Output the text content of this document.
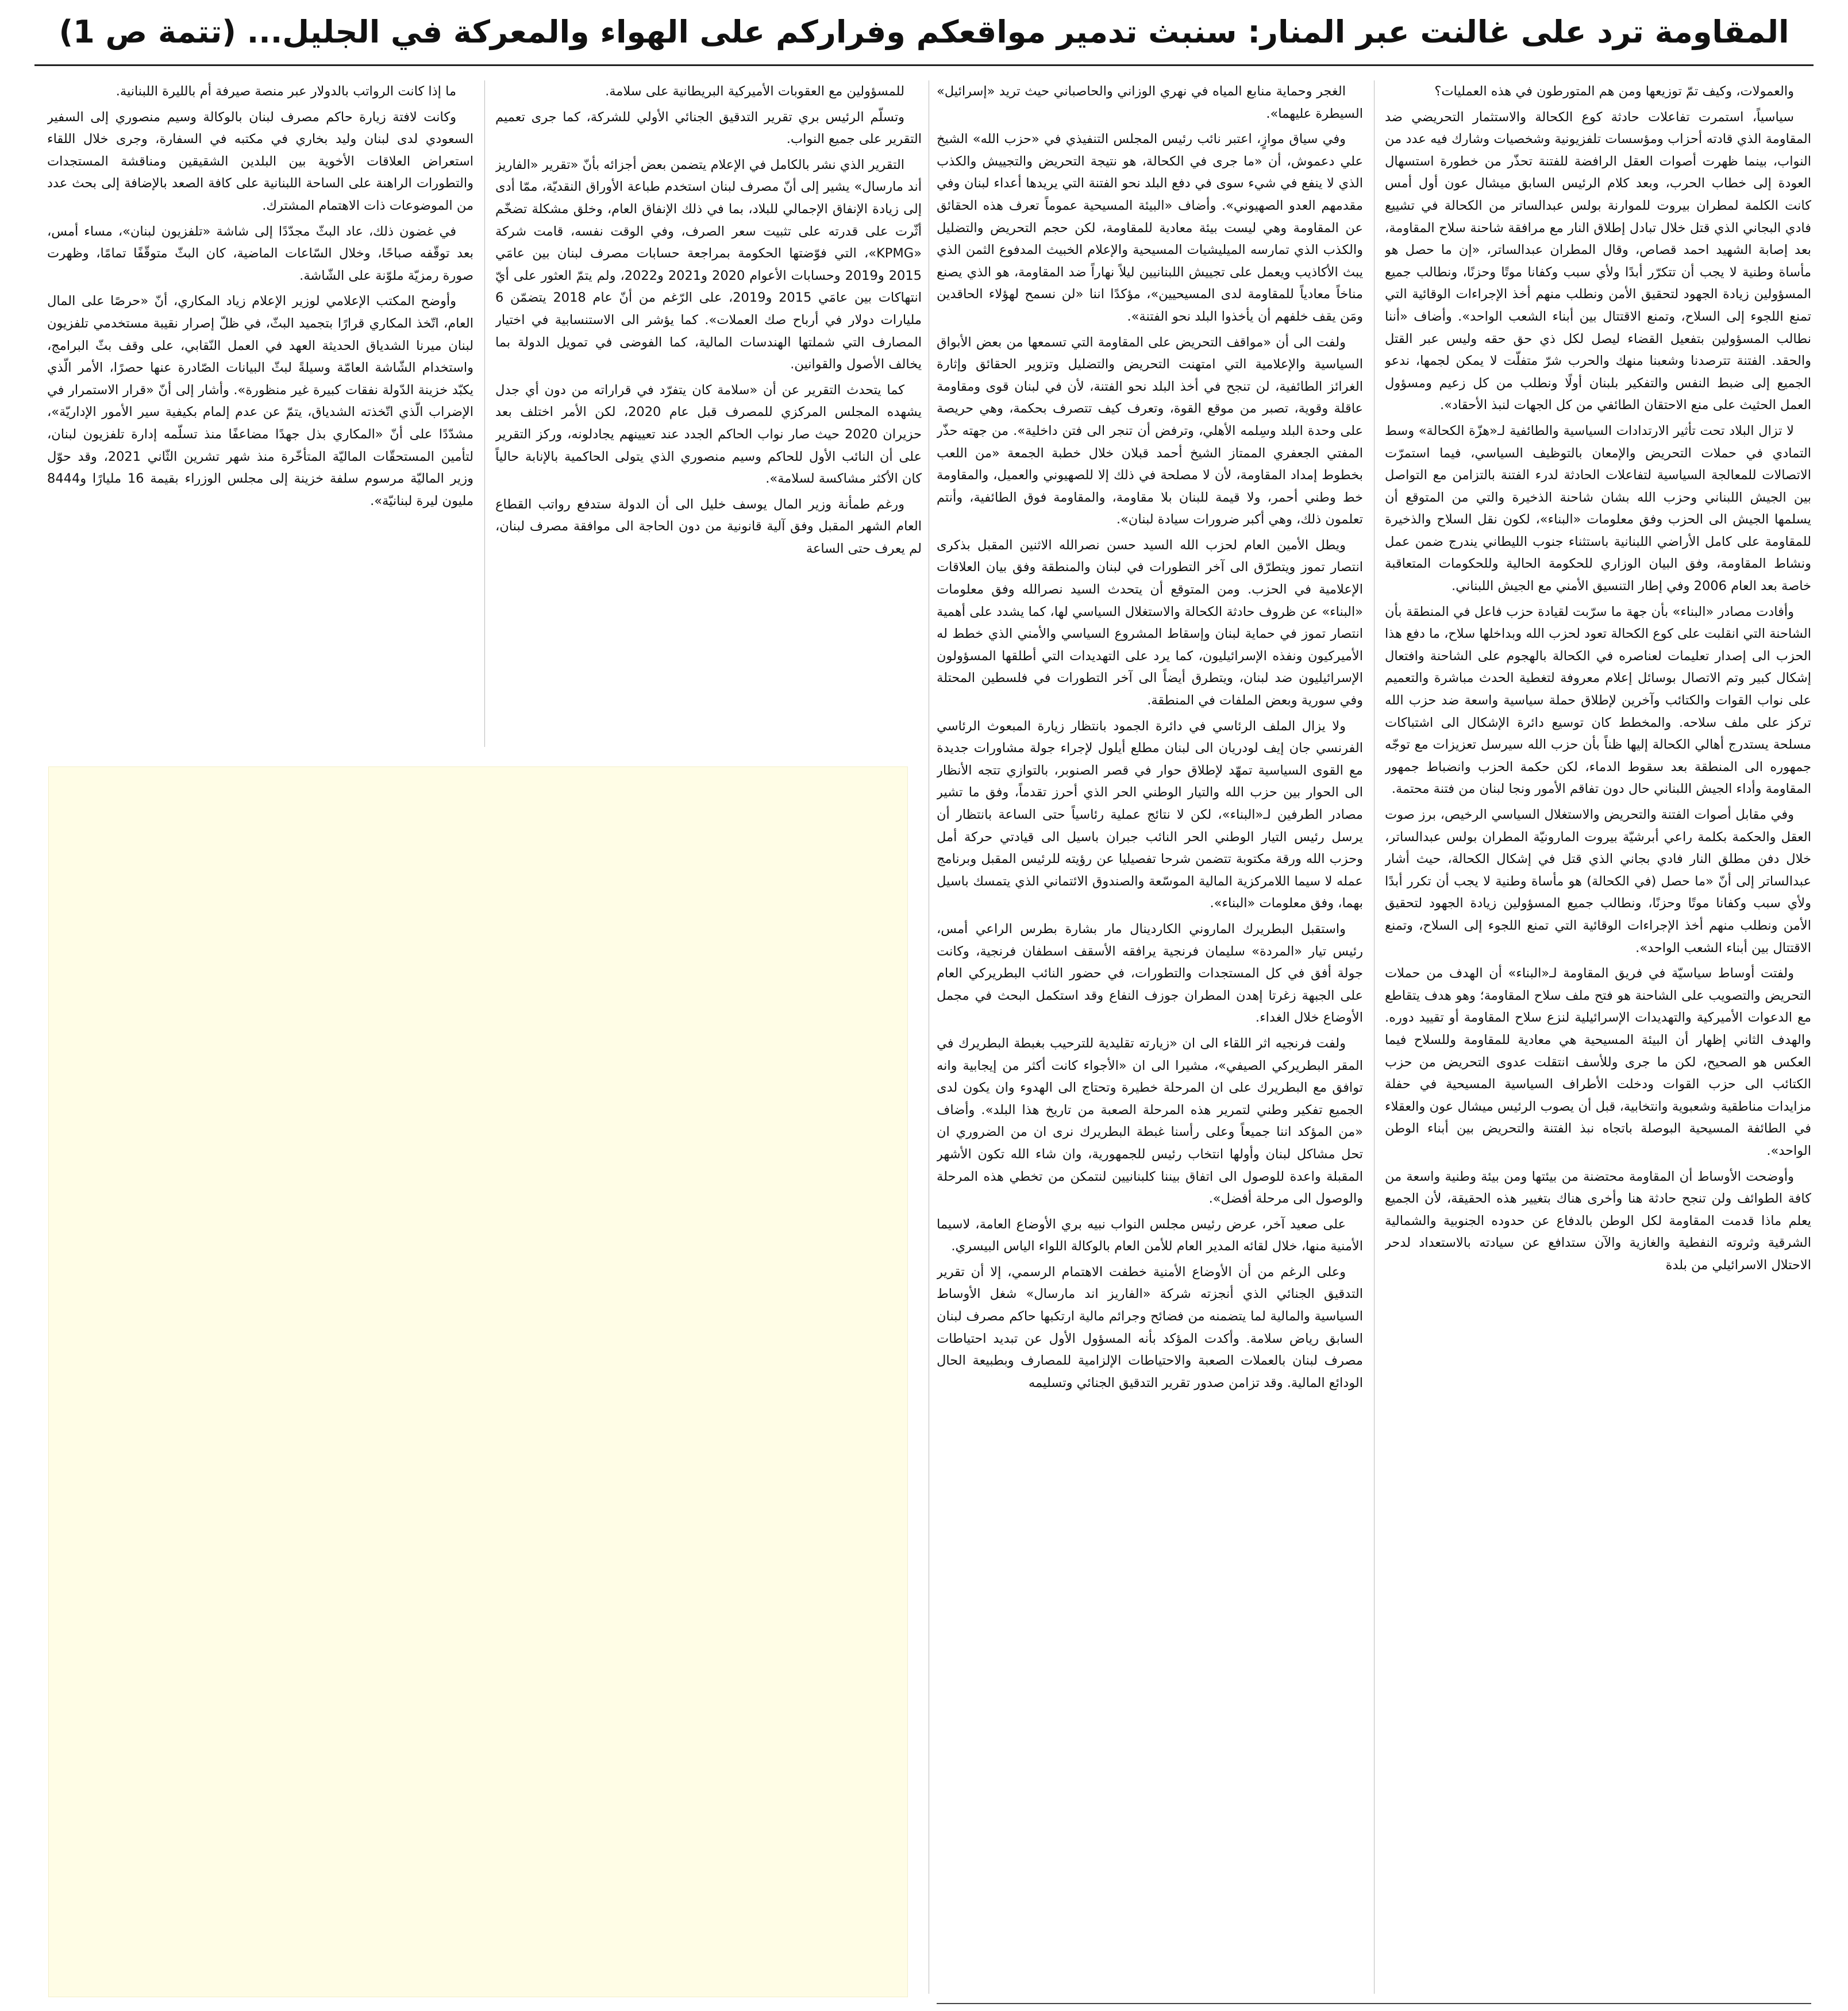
المقاومة ترد على غالنت عبر المنار: سنبث تدمير مواقعكم وفراركم على الهواء والمعركة في الجليل... (تتمة ص 1)

والعمولات، وكيف تمّ توزيعها ومن هم المتورطون في هذه العمليات؟

سياسياً، استمرت تفاعلات حادثة كوع الكحالة والاستثمار التحريضي ضد المقاومة الذي قادته أحزاب ومؤسسات تلفزيونية وشخصيات وشارك فيه عدد من النواب، بينما ظهرت أصوات العقل الرافضة للفتنة تحذّر من خطورة استسهال العودة إلى خطاب الحرب، وبعد كلام الرئيس السابق ميشال عون أول أمس كانت الكلمة لمطران بيروت للموارنة بولس عبدالساتر من الكحالة في تشييع فادي البجاني الذي قتل خلال تبادل إطلاق النار مع مرافقة شاحنة سلاح المقاومة، بعد إصابة الشهيد احمد قصاص، وقال المطران عبدالساتر، «إن ما حصل هو مأساة وطنية لا يجب أن تتكرّر أبدًا ولأي سبب وكفانا موتًا وحزنًا، ونطالب جميع المسؤولين زيادة الجهود لتحقيق الأمن ونطلب منهم أخذ الإجراءات الوقائية التي تمنع اللجوء إلى السلاح، وتمنع الاقتتال بين أبناء الشعب الواحد». وأضاف «أننا نطالب المسؤولين بتفعيل القضاء ليصل لكل ذي حق حقه وليس عبر القتل والحقد. الفتنة تترصدنا وشعبنا منهك والحرب شرّ متفلّت لا يمكن لجمها، ندعو الجميع إلى ضبط النفس والتفكير بلبنان أولًا ونطلب من كل زعيم ومسؤول العمل الحثيث على منع الاحتقان الطائفي من كل الجهات لنبذ الأحقاد».

لا تزال البلاد تحت تأثير الارتدادات السياسية والطائفية لـ«هزّة الكحالة» وسط التمادي في حملات التحريض والإمعان بالتوظيف السياسي، فيما استمرّت الاتصالات للمعالجة السياسية لتفاعلات الحادثة لدرء الفتنة بالتزامن مع التواصل بين الجيش اللبناني وحزب الله بشان شاحنة الذخيرة والتي من المتوقع أن يسلمها الجيش الى الحزب وفق معلومات «البناء»، لكون نقل السلاح والذخيرة للمقاومة على كامل الأراضي اللبنانية باستثناء جنوب الليطاني يندرج ضمن عمل ونشاط المقاومة، وفق البيان الوزاري للحكومة الحالية وللحكومات المتعاقبة خاصة بعد العام 2006 وفي إطار التنسيق الأمني مع الجيش اللبناني.

وأفادت مصادر «البناء» بأن جهة ما سرّبت لقيادة حزب فاعل في المنطقة بأن الشاحنة التي انقلبت على كوع الكحالة تعود لحزب الله وبداخلها سلاح، ما دفع هذا الحزب الى إصدار تعليمات لعناصره في الكحالة بالهجوم على الشاحنة وافتعال إشكال كبير وتم الاتصال بوسائل إعلام معروفة لتغطية الحدث مباشرة والتعميم على نواب القوات والكتائب وآخرين لإطلاق حملة سياسية واسعة ضد حزب الله تركز على ملف سلاحه. والمخطط كان توسيع دائرة الإشكال الى اشتباكات مسلحة يستدرج أهالي الكحالة إليها ظناً بأن حزب الله سيرسل تعزيزات مع توجّه جمهوره الى المنطقة بعد سقوط الدماء، لكن حكمة الحزب وانضباط جمهور المقاومة وأداء الجيش اللبناني حال دون تفاقم الأمور ونجا لبنان من فتنة محتمة.

وفي مقابل أصوات الفتنة والتحريض والاستغلال السياسي الرخيص، برز صوت العقل والحكمة بكلمة راعي أبرشيّة بيروت المارونيّة المطران بولس عبدالساتر، خلال دفن مطلق النار فادي بجاني الذي قتل في إشكال الكحالة، حيث أشار عبدالساتر إلى أنّ «ما حصل (في الكحالة) هو مأساة وطنية لا يجب أن تكرر أبدًا ولأي سبب وكفانا موتًا وحزنًا، ونطالب جميع المسؤولين زيادة الجهود لتحقيق الأمن ونطلب منهم أخذ الإجراءات الوقائية التي تمنع اللجوء إلى السلاح، وتمنع الاقتتال بين أبناء الشعب الواحد».

ولفتت أوساط سياسيّة في فريق المقاومة لـ«البناء» أن الهدف من حملات التحريض والتصويب على الشاحنة هو فتح ملف سلاح المقاومة؛ وهو هدف يتقاطع مع الدعوات الأميركية والتهديدات الإسرائيلية لنزع سلاح المقاومة أو تقييد دوره. والهدف الثاني إظهار أن البيئة المسيحية هي معادية للمقاومة وللسلاح فيما العكس هو الصحيح، لكن ما جرى وللأسف انتقلت عدوى التحريض من حزب الكتائب الى حزب القوات ودخلت الأطراف السياسية المسيحية في حفلة مزايدات مناطقية وشعبوية وانتخابية، قبل أن يصوب الرئيس ميشال عون والعقلاء في الطائفة المسيحية البوصلة باتجاه نبذ الفتنة والتحريض بين أبناء الوطن الواحد».

وأوضحت الأوساط أن المقاومة محتضنة من بيئتها ومن بيئة وطنية واسعة من كافة الطوائف ولن تنجح حادثة هنا وأخرى هناك بتغيير هذه الحقيقة، لأن الجميع يعلم ماذا قدمت المقاومة لكل الوطن بالدفاع عن حدوده الجنوبية والشمالية الشرقية وثروته النفطية والغازية والآن ستدافع عن سيادته بالاستعداد لدحر الاحتلال الاسرائيلي من بلدة

الغجر وحماية منابع المياه في نهري الوزاني والحاصباني حيث تريد «إسرائيل» السيطرة عليهما».

وفي سياق موازٍ، اعتبر نائب رئيس المجلس التنفيذي في «حزب الله» الشيخ علي دعموش، أن «ما جرى في الكحالة، هو نتيجة التحريض والتجييش والكذب الذي لا ينفع في شيء سوى في دفع البلد نحو الفتنة التي يريدها أعداء لبنان وفي مقدمهم العدو الصهيوني». وأضاف «البيئة المسيحية عموماً تعرف هذه الحقائق عن المقاومة وهي ليست بيئة معادية للمقاومة، لكن حجم التحريض والتضليل والكذب الذي تمارسه الميليشيات المسيحية والإعلام الخبيث المدفوع الثمن الذي يبث الأكاذيب ويعمل على تجييش اللبنانيين ليلاً نهاراً ضد المقاومة، هو الذي يصنع مناخاً معادياً للمقاومة لدى المسيحيين»، مؤكدًا اننا «لن نسمح لهؤلاء الحاقدين ومَن يقف خلفهم أن يأخذوا البلد نحو الفتنة».

ولفت الى أن «مواقف التحريض على المقاومة التي تسمعها من بعض الأبواق السياسية والإعلامية التي امتهنت التحريض والتضليل وتزوير الحقائق وإثارة الغرائز الطائفية، لن تنجح في أخذ البلد نحو الفتنة، لأن في لبنان قوى ومقاومة عاقلة وقوية، تصبر من موقع القوة، وتعرف كيف تتصرف بحكمة، وهي حريصة على وحدة البلد وسِلمه الأهلي، وترفض أن تنجر الى فتن داخلية». من جهته حذّر المفتي الجعفري الممتاز الشيخ أحمد قبلان خلال خطبة الجمعة «من اللعب بخطوط إمداد المقاومة، لأن لا مصلحة في ذلك إلا للصهيوني والعميل، والمقاومة خط وطني أحمر، ولا قيمة للبنان بلا مقاومة، والمقاومة فوق الطائفية، وأنتم تعلمون ذلك، وهي أكبر ضرورات سيادة لبنان».

ويطل الأمين العام لحزب الله السيد حسن نصرالله الاثنين المقبل بذكرى انتصار تموز ويتطرّق الى آخر التطورات في لبنان والمنطقة وفق بيان العلاقات الإعلامية في الحزب. ومن المتوقع أن يتحدث السيد نصرالله وفق معلومات «البناء» عن ظروف حادثة الكحالة والاستغلال السياسي لها، كما يشدد على أهمية انتصار تموز في حماية لبنان وإسقاط المشروع السياسي والأمني الذي خطط له الأميركيون ونفذه الإسرائيليون، كما يرد على التهديدات التي أطلقها المسؤولون الإسرائيليون ضد لبنان، ويتطرق أيضاً الى آخر التطورات في فلسطين المحتلة وفي سورية وبعض الملفات في المنطقة.

ولا يزال الملف الرئاسي في دائرة الجمود بانتظار زيارة المبعوث الرئاسي الفرنسي جان إيف لودريان الى لبنان مطلع أيلول لإجراء جولة مشاورات جديدة مع القوى السياسية تمهّد لإطلاق حوار في قصر الصنوبر، بالتوازي تتجه الأنظار الى الحوار بين حزب الله والتيار الوطني الحر الذي أحرز تقدماً، وفق ما تشير مصادر الطرفين لـ«البناء»، لكن لا نتائج عملية رئاسياً حتى الساعة بانتظار أن يرسل رئيس التيار الوطني الحر النائب جبران باسيل الى قيادتي حركة أمل وحزب الله ورقة مكتوبة تتضمن شرحا تفصيليا عن رؤيته للرئيس المقبل وبرنامج عمله لا سيما اللامركزية المالية الموسّعة والصندوق الائتماني الذي يتمسك باسيل بهما، وفق معلومات «البناء».

واستقبل البطريرك الماروني الكاردينال مار بشارة بطرس الراعي أمس، رئيس تيار «المردة» سليمان فرنجية يرافقه الأسقف اسطفان فرنجية، وكانت جولة أفق في كل المستجدات والتطورات، في حضور النائب البطريركي العام على الجبهة زغرتا إهدن المطران جوزف النفاع وقد استكمل البحث في مجمل الأوضاع خلال الغداء.

ولفت فرنجيه اثر اللقاء الى ان «زيارته تقليدية للترحيب بغبطة البطريرك في المقر البطريركي الصيفي»، مشيرا الى ان «الأجواء كانت أكثر من إيجابية وانه توافق مع البطريرك على ان المرحلة خطيرة وتحتاج الى الهدوء وان يكون لدى الجميع تفكير وطني لتمرير هذه المرحلة الصعبة من تاريخ هذا البلد». وأضاف «من المؤكد اننا جميعاً وعلى رأسنا غبطة البطريرك نرى ان من الضروري ان تحل مشاكل لبنان وأولها انتخاب رئيس للجمهورية، وان شاء الله تكون الأشهر المقبلة واعدة للوصول الى اتفاق بيننا كلبنانيين لنتمكن من تخطي هذه المرحلة والوصول الى مرحلة أفضل».

على صعيد آخر، عرض رئيس مجلس النواب نبيه بري الأوضاع العامة، لاسيما الأمنية منها، خلال لقائه المدير العام للأمن العام بالوكالة اللواء الياس البيسري.

وعلى الرغم من أن الأوضاع الأمنية خطفت الاهتمام الرسمي، إلا أن تقرير التدقيق الجنائي الذي أنجزته شركة «الفاريز اند مارسال» شغل الأوساط السياسية والمالية لما يتضمنه من فضائح وجرائم مالية ارتكبها حاكم مصرف لبنان السابق رياض سلامة. وأكدت المؤكد بأنه المسؤول الأول عن تبديد احتياطات مصرف لبنان بالعملات الصعبة والاحتياطات الإلزامية للمصارف وبطبيعة الحال الودائع المالية. وقد تزامن صدور تقرير التدقيق الجنائي وتسليمه

للمسؤولين مع العقوبات الأميركية البريطانية على سلامة.

وتسلّم الرئيس بري تقرير التدقيق الجنائي الأولي للشركة، كما جرى تعميم التقرير على جميع النواب.

التقرير الذي نشر بالكامل في الإعلام يتضمن بعض أجزائه بأنّ «تقرير «الفاريز أند مارسال» يشير إلى أنّ مصرف لبنان استخدم طباعة الأوراق النقديّة، ممّا أدى إلى زيادة الإنفاق الإجمالي للبلاد، بما في ذلك الإنفاق العام، وخلق مشكلة تضخّم أثّرت على قدرته على تثبيت سعر الصرف، وفي الوقت نفسه، قامت شركة «KPMG»، التي فوّضتها الحكومة بمراجعة حسابات مصرف لبنان بين عامَي 2015 و2019 وحسابات الأعوام 2020 و2021 و2022، ولم يتمّ العثور على أيّ انتهاكات بين عامَي 2015 و2019، على الرّغم من أنّ عام 2018 يتضمّن 6 مليارات دولار في أرباح صك العملات». كما يؤشر الى الاستنسابية في اختيار المصارف التي شملتها الهندسات المالية، كما الفوضى في تمويل الدولة بما يخالف الأصول والقوانين.

كما يتحدث التقرير عن أن «سلامة كان يتفرّد في قراراته من دون أي جدل يشهده المجلس المركزي للمصرف قبل عام 2020، لكن الأمر اختلف بعد حزيران 2020 حيث صار نواب الحاكم الجدد عند تعيينهم يجادلونه، وركز التقرير على أن النائب الأول للحاكم وسيم منصوري الذي يتولى الحاكمية بالإنابة حالياً كان الأكثر مشاكسة لسلامة».

ورغم طمأنة وزير المال يوسف خليل الى أن الدولة ستدفع رواتب القطاع العام الشهر المقبل وفق آلية قانونية من دون الحاجة الى موافقة مصرف لبنان، لم يعرف حتى الساعة

ما إذا كانت الرواتب بالدولار عبر منصة صيرفة أم بالليرة اللبنانية.

وكانت لافتة زيارة حاكم مصرف لبنان بالوكالة وسيم منصوري إلى السفير السعودي لدى لبنان وليد بخاري في مكتبه في السفارة، وجرى خلال اللقاء استعراض العلاقات الأخوية بين البلدين الشقيقين ومناقشة المستجدات والتطورات الراهنة على الساحة اللبنانية على كافة الصعد بالإضافة إلى بحث عدد من الموضوعات ذات الاهتمام المشترك.

في غضون ذلك، عاد البثّ مجدّدًا إلى شاشة «تلفزيون لبنان»، مساء أمس، بعد توقّفه صباحًا، وخلال السّاعات الماضية، كان البثّ متوقّفًا تمامًا، وظهرت صورة رمزيّة ملوّنة على الشّاشة.

وأوضح المكتب الإعلامي لوزير الإعلام زياد المكاري، أنّ «حرصًا على المال العام، اتّخذ المكاري قرارًا بتجميد البثّ، في ظلّ إصرار نقيبة مستخدمي تلفزيون لبنان ميرنا الشدياق الحديثة العهد في العمل النّقابي، على وقف بثّ البرامج، واستخدام الشّاشة العامّة وسيلةً لبثّ البيانات الصّادرة عنها حصرًا، الأمر الّذي يكبّد خزينة الدّولة نفقات كبيرة غير منظورة». وأشار إلى أنّ «قرار الاستمرار في الإضراب الّذي اتّخذته الشدياق، يتمّ عن عدم إلمام بكيفية سير الأمور الإداريّة»، مشدّدًا على أنّ «المكاري بذل جهدًا مضاعفًا منذ تسلّمه إدارة تلفزيون لبنان، لتأمين المستحقّات الماليّة المتأخّرة منذ شهر تشرين الثّاني 2021، وقد حوّل وزير الماليّة مرسوم سلفة خزينة إلى مجلس الوزراء بقيمة 16 مليارًا و8444 مليون ليرة لبنانيّة».
